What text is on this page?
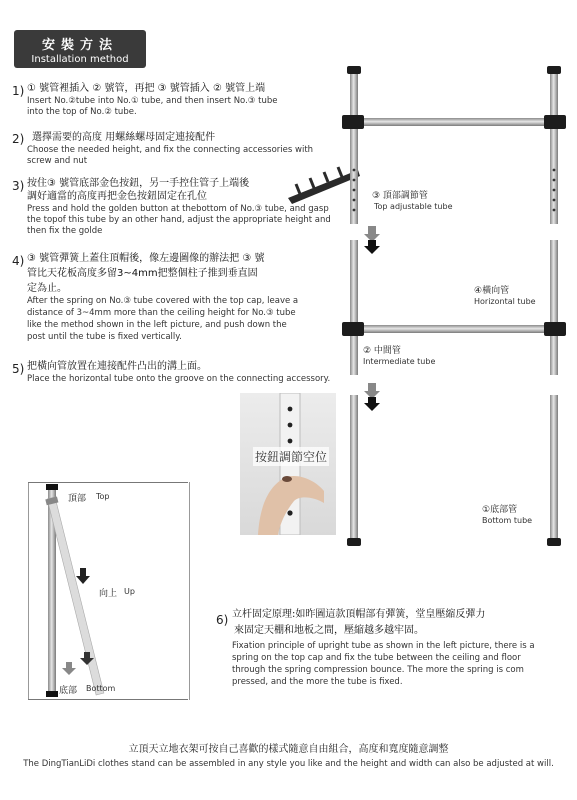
安裝方法
Installation method
1) ① 號管裡插入 ② 號管，再把 ③ 號管插入 ② 號管上端
Insert No.②tube into No.① tube, and then insert No.③ tube
into the top of No.② tube.
2) 選擇需要的高度 用螺絲螺母固定連接配件
Choose the needed height, and fix the connecting accessories with
screw and nut
3) 按住③ 號管底部金色按鈕，另一手控住管子上端後
調好適當的高度再把金色按鈕固定在孔位
Press and hold the golden button at thebottom of No.③ tube, and gasp
the topof this tube by an other hand, adjust the appropriate height and
then fix the golde
4) ③ 號管彈簧上蓋住頂帽後，像左邊圖像的辦法把 ③ 號
管比天花板高度多留3~4mm把整個柱子推到垂直固
定為止。
After the spring on No.③ tube covered with the top cap, leave a
distance of 3~4mm more than the ceiling height for No.③ tube
like the method shown in the left picture, and push down the
post until the tube is fixed vertically.
5) 把橫向管放置在連接配件凸出的溝上面。
Place the horizontal tube onto the groove on the connecting accessory.
6) 立杆固定原理:如昨圖這款頂帽部有彈簧，堂皇壓縮反彈力
來固定天棚和地板之間，壓縮越多越牢固。
Fixation principle of upright tube as shown in the left picture, there is a
spring on the top cap and fix the tube between the ceiling and floor
through the spring compression bounce. The more the spring is com
pressed, and the more the tube is fixed.
③ 頂部調節管
Top adjustable tube
④橫向管
Horizontal tube
② 中間管
Intermediate tube
①底部管
Bottom tube
按鈕調節空位
頂部 Top
向上 Up
底部 Bottom
立頂天立地衣架可按自己喜歡的樣式隨意自由組合，高度和寬度隨意調整
The DingTianLiDi clothes stand can be assembled in any style you like and the height and width can also be adjusted at will.
